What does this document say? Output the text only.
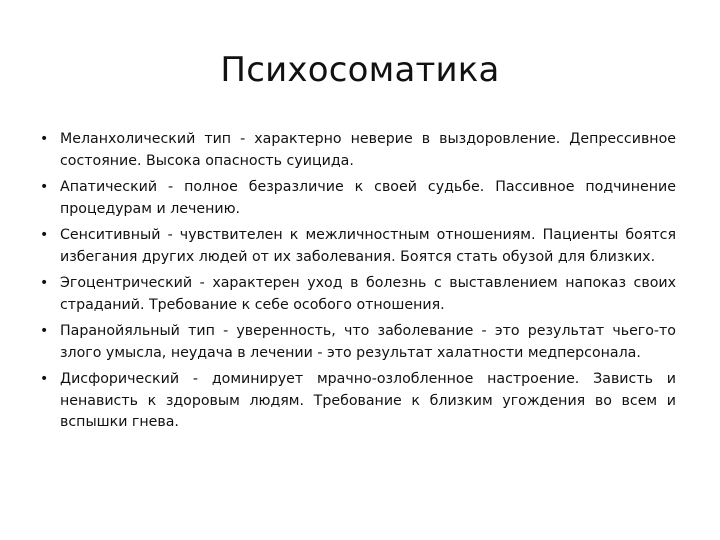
Психосоматика
• Меланхолический тип - характерно неверие в выздоровление. Депрессивное состояние. Высока опасность суицида.
• Апатический - полное безразличие к своей судьбе. Пассивное подчинение процедурам и лечению.
• Сенситивный - чувствителен к межличностным отношениям. Пациенты боятся избегания других людей от их заболевания. Боятся стать обузой для близких.
• Эгоцентрический - характерен уход в болезнь с выставлением напоказ своих страданий. Требование к себе особого отношения.
• Паранойяльный тип - уверенность, что заболевание - это результат чьего-то злого умысла, неудача в лечении - это результат халатности медперсонала.
• Дисфорический - доминирует мрачно-озлобленное настроение. Зависть и ненависть к здоровым людям. Требование к близким угождения во всем и вспышки гнева.
